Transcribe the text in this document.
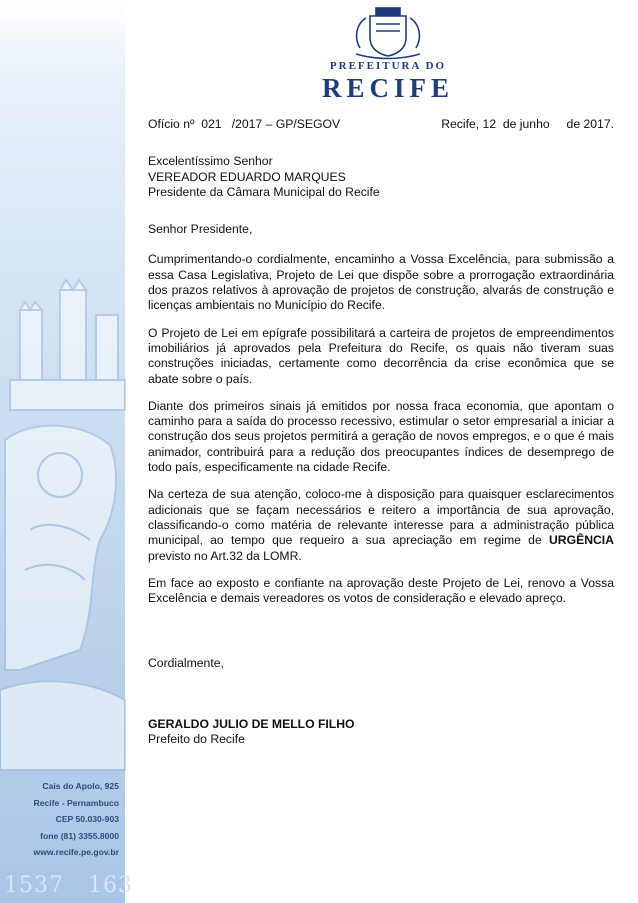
Cais do Apolo, 925
Recife - Pernambuco
CEP 50.030-903
fone (81) 3355.8000
www.recife.pe.gov.br
1537 163
PREFEITURA DO
RECIFE
Ofício nº  021   /2017 – GP/SEGOV	Recife, 12  de junho     de 2017.
Excelentíssimo Senhor
VEREADOR EDUARDO MARQUES
Presidente da Câmara Municipal do Recife
Senhor Presidente,

Cumprimentando-o cordialmente, encaminho a Vossa Excelência, para submissão a essa Casa Legislativa, Projeto de Lei que dispõe sobre a prorrogação extraordinária dos prazos relativos à aprovação de projetos de construção, alvarás de construção e licenças ambientais no Município do Recife.

O Projeto de Lei em epígrafe possibilitará a carteira de projetos de empreendimentos imobiliários já aprovados pela Prefeitura do Recife, os quais não tiveram suas construções iniciadas, certamente como decorrência da crise econômica que se abate sobre o país.

Diante dos primeiros sinais já emitidos por nossa fraca economia, que apontam o caminho para a saída do processo recessivo, estimular o setor empresarial a iniciar a construção dos seus projetos permitirá a geração de novos empregos, e o que é mais animador, contribuirá para a redução dos preocupantes índices de desemprego de todo país, especificamente na cidade Recife.

Na certeza de sua atenção, coloco-me à disposição para quaisquer esclarecimentos adicionais que se façam necessários e reitero a importância de sua aprovação, classificando-o como matéria de relevante interesse para a administração pública municipal, ao tempo que requeiro a sua apreciação em regime de URGÊNCIA previsto no Art.32 da LOMR.

Em face ao exposto e confiante na aprovação deste Projeto de Lei, renovo a Vossa Excelência e demais vereadores os votos de consideração e elevado apreço.

Cordialmente,
GERALDO JULIO DE MELLO FILHO
Prefeito do Recife
